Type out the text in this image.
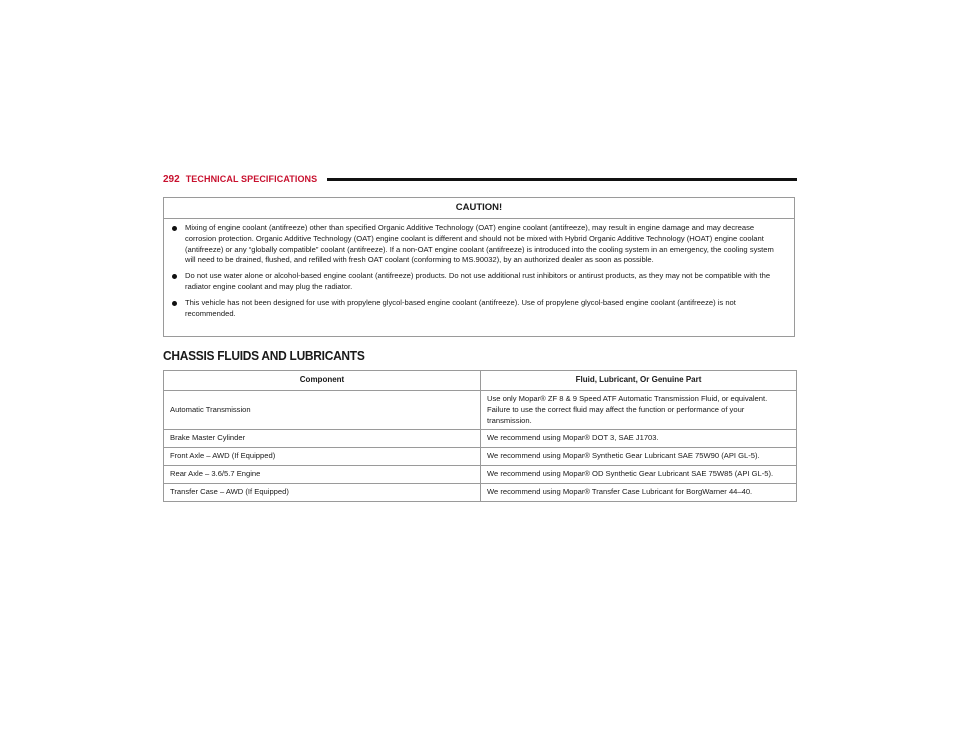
292 TECHNICAL SPECIFICATIONS
CAUTION!
Mixing of engine coolant (antifreeze) other than specified Organic Additive Technology (OAT) engine coolant (antifreeze), may result in engine damage and may decrease corrosion protection. Organic Additive Technology (OAT) engine coolant is different and should not be mixed with Hybrid Organic Additive Technology (HOAT) engine coolant (antifreeze) or any “globally compatible” coolant (antifreeze). If a non-OAT engine coolant (antifreeze) is introduced into the cooling system in an emergency, the cooling system will need to be drained, flushed, and refilled with fresh OAT coolant (conforming to MS.90032), by an authorized dealer as soon as possible.
Do not use water alone or alcohol-based engine coolant (antifreeze) products. Do not use additional rust inhibitors or antirust products, as they may not be compatible with the radiator engine coolant and may plug the radiator.
This vehicle has not been designed for use with propylene glycol-based engine coolant (antifreeze). Use of propylene glycol-based engine coolant (antifreeze) is not recommended.
CHASSIS FLUIDS AND LUBRICANTS
Component	Fluid, Lubricant, Or Genuine Part
Automatic Transmission	Use only Mopar® ZF 8 & 9 Speed ATF Automatic Transmission Fluid, or equivalent. Failure to use the correct fluid may affect the function or performance of your transmission.
Brake Master Cylinder	We recommend using Mopar® DOT 3, SAE J1703.
Front Axle – AWD (If Equipped)	We recommend using Mopar® Synthetic Gear Lubricant SAE 75W90 (API GL-5).
Rear Axle – 3.6/5.7 Engine	We recommend using Mopar® OD Synthetic Gear Lubricant SAE 75W85 (API GL-5).
Transfer Case – AWD (If Equipped)	We recommend using Mopar® Transfer Case Lubricant for BorgWarner 44–40.
